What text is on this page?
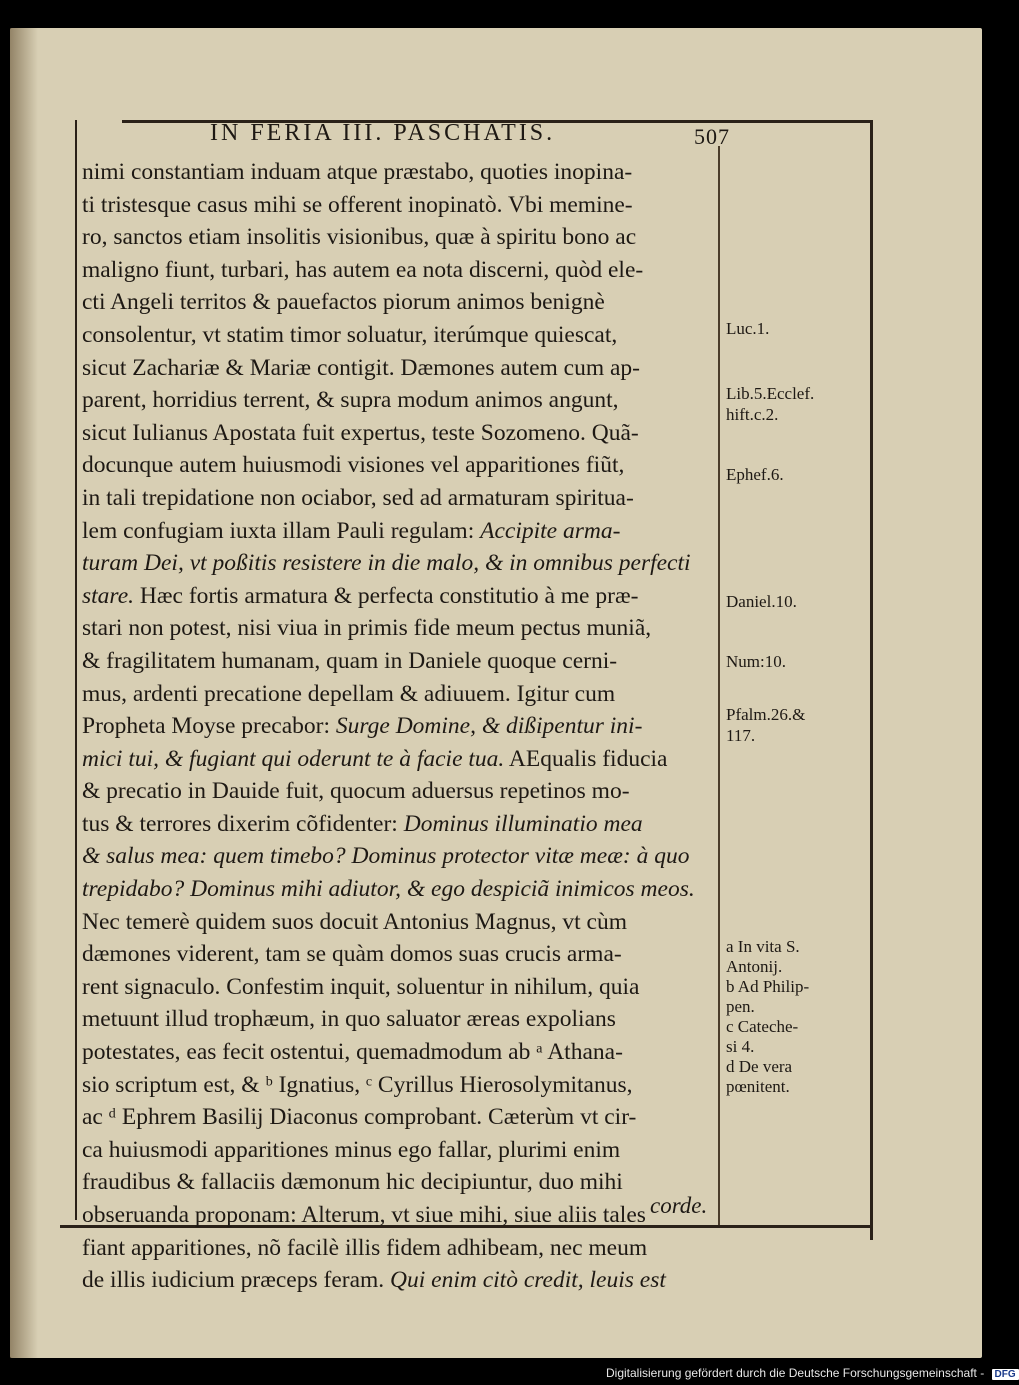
IN FERIA III. PASCHATIS.	507
nimi constantiam induam atque præstabo, quoties inopina-
ti tristesque casus mihi se offerent inopinatò. Vbi memine-
ro, sanctos etiam insolitis visionibus, quæ à spiritu bono ac
maligno fiunt, turbari, has autem ea nota discerni, quòd ele-
cti Angeli territos & pauefactos piorum animos benignè
consolentur, vt statim timor soluatur, iterúmque quiescat,
sicut Zachariæ & Mariæ contigit. Dæmones autem cum ap-
parent, horridius terrent, & supra modum animos angunt,
sicut Iulianus Apostata fuit expertus, teste Sozomeno. Quã-
docunque autem huiusmodi visiones vel apparitiones fiũt,
in tali trepidatione non ociabor, sed ad armaturam spiritua-
lem confugiam iuxta illam Pauli regulam: Accipite arma-
turam Dei, vt poßitis resistere in die malo, & in omnibus perfecti
stare. Hæc fortis armatura & perfecta constitutio à me præ-
stari non potest, nisi viua in primis fide meum pectus muniã,
& fragilitatem humanam, quam in Daniele quoque cerni-
mus, ardenti precatione depellam & adiuuem. Igitur cum
Propheta Moyse precabor: Surge Domine, & dißipentur ini-
mici tui, & fugiant qui oderunt te à facie tua. AEqualis fiducia
& precatio in Dauide fuit, quocum aduersus repetinos mo-
tus & terrores dixerim cõfidenter: Dominus illuminatio mea
& salus mea: quem timebo? Dominus protector vitæ meæ: à quo
trepidabo? Dominus mihi adiutor, & ego despiciã inimicos meos.
Nec temerè quidem suos docuit Antonius Magnus, vt cùm
dæmones viderent, tam se quàm domos suas crucis arma-
rent signaculo. Confestim inquit, soluentur in nihilum, quia
metuunt illud trophæum, in quo saluator æreas expolians
potestates, eas fecit ostentui, quemadmodum ab ᵃ Athana-
sio scriptum est, & ᵇ Ignatius, ᶜ Cyrillus Hierosolymitanus,
ac ᵈ Ephrem Basilij Diaconus comprobant. Cæterùm vt cir-
ca huiusmodi apparitiones minus ego fallar, plurimi enim
fraudibus & fallaciis dæmonum hic decipiuntur, duo mihi
obseruanda proponam: Alterum, vt siue mihi, siue aliis tales
fiant apparitiones, nõ facilè illis fidem adhibeam, nec meum
de illis iudicium præceps feram. Qui enim citò credit, leuis est
corde.
Luc.1.
Lib.5.Ecclef.
hift.c.2.
Ephef.6.
Daniel.10.
Num:10.
Pfalm.26.&
117.
a In vita S.
Antonij.
b Ad Philip-
pen.
c Cateche-
si 4.
d De vera
pœnitent.
Digitalisierung gefördert durch die Deutsche Forschungsgemeinschaft - DFG
